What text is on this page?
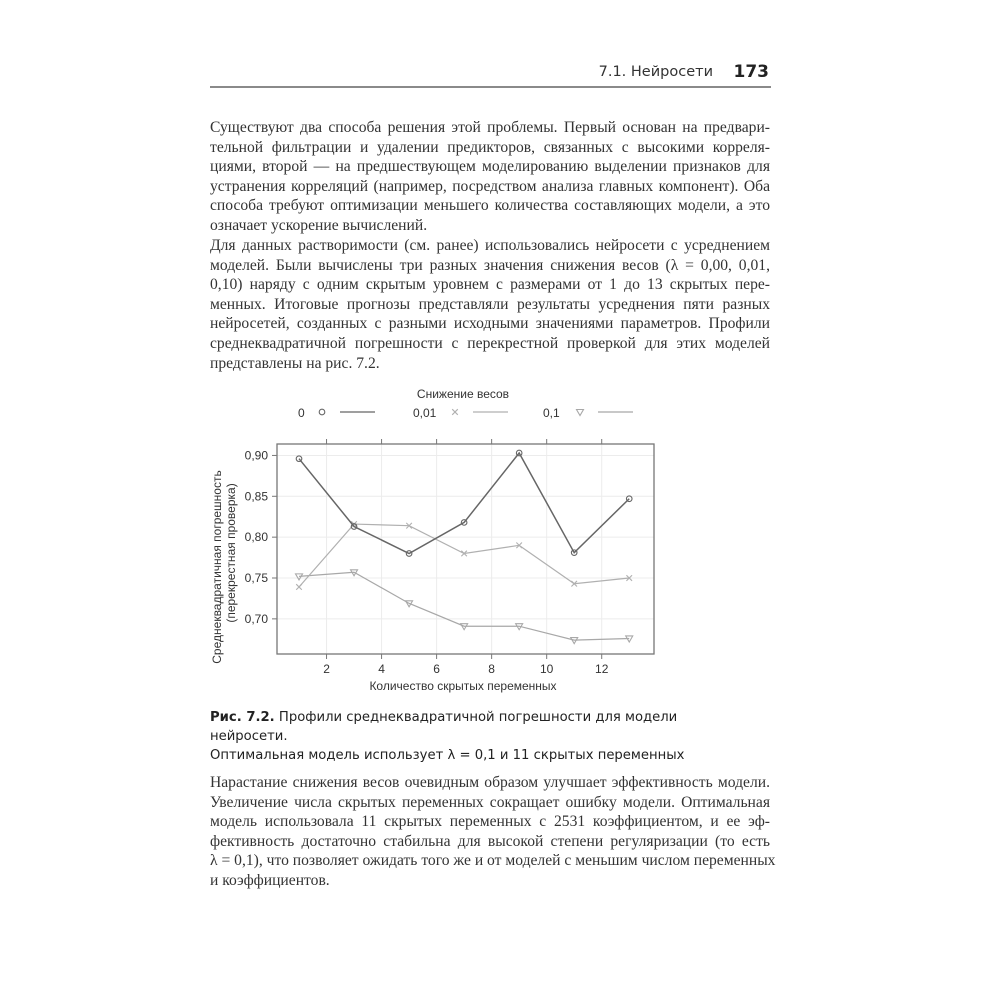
7.1. Нейросети 173

Существуют два способа решения этой проблемы. Первый основан на предвари-
тельной фильтрации и удалении предикторов, связанных с высокими корреля-
циями, второй — на предшествующем моделированию выделении признаков для
устранения корреляций (например, посредством анализа главных компонент). Оба
способа требуют оптимизации меньшего количества составляющих модели, а это
означает ускорение вычислений.

Для данных растворимости (см. ранее) использовались нейросети с усреднением
моделей. Были вычислены три разных значения снижения весов (λ = 0,00, 0,01,
0,10) наряду с одним скрытым уровнем с размерами от 1 до 13 скрытых пере-
менных. Итоговые прогнозы представляли результаты усреднения пяти разных
нейросетей, созданных с разными исходными значениями параметров. Профили
среднеквадратичной погрешности с перекрестной проверкой для этих моделей
представлены на рис. 7.2.

Снижение весов
0	0,01	0,1
2	4	6	8	10	12
0,70
0,75
0,80
0,85
0,90
Количество скрытых переменных
Среднеквадратичная погрешность (перекрестная проверка)
Рис. 7.2. Профили среднеквадратичной погрешности для модели нейросети.
Оптимальная модель использует λ = 0,1 и 11 скрытых переменных

Нарастание снижения весов очевидным образом улучшает эффективность модели.
Увеличение числа скрытых переменных сокращает ошибку модели. Оптимальная
модель использовала 11 скрытых переменных с 2531 коэффициентом, и ее эф-
фективность достаточно стабильна для высокой степени регуляризации (то есть
λ = 0,1), что позволяет ожидать того же и от моделей с меньшим числом переменных
и коэффициентов.
